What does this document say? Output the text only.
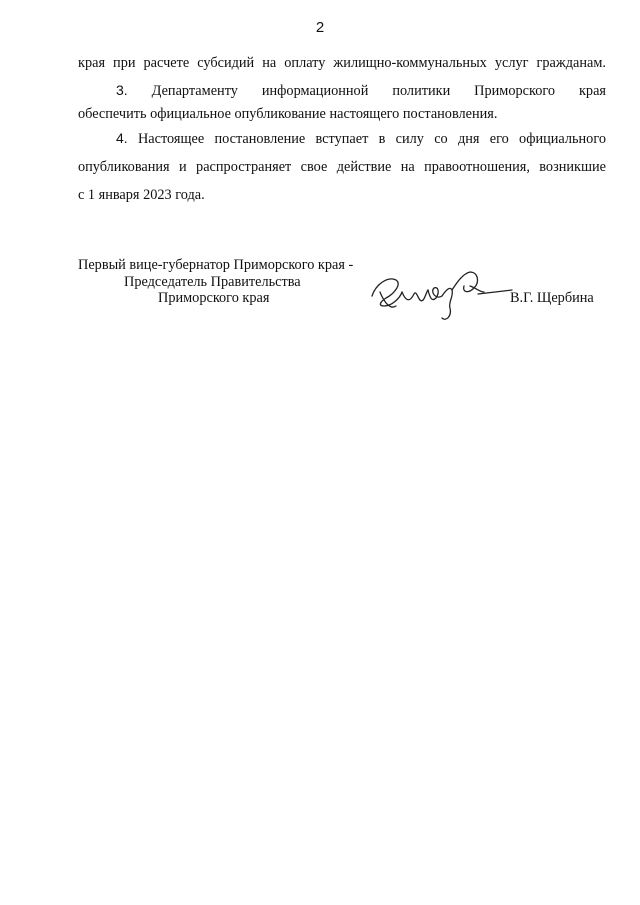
2
края при расчете субсидий на оплату жилищно-коммунальных услуг гражданам.
3. Департаменту информационной политики Приморского края
обеспечить официальное опубликование настоящего постановления.
4. Настоящее постановление вступает в силу со дня его официального
опубликования и распространяет свое действие на правоотношения, возникшие
с 1 января 2023 года.
Первый вице-губернатор Приморского края -
Председатель Правительства
Приморского края	В.Г. Щербина
